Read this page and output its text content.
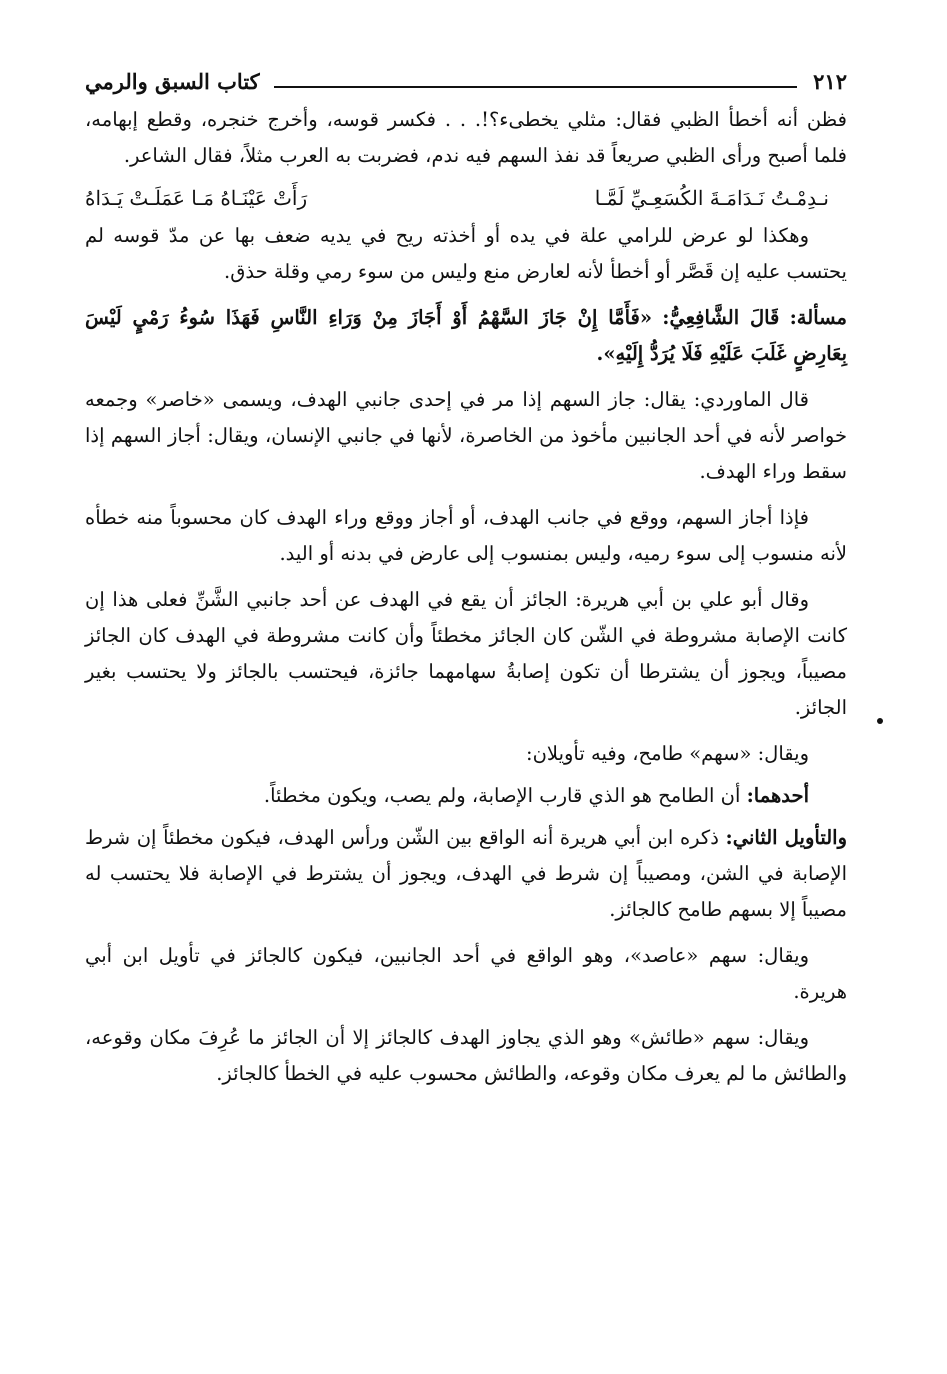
٢١٢
كتاب السبق والرمي

فظن أنه أخطأ الظبي فقال: مثلي يخطىء؟!. . . فكسر قوسه، وأخرج خنجره، وقطع إبهامه، فلما أصبح ورأى الظبي صريعاً قد نفذ السهم فيه ندم، فضربت به العرب مثلاً، فقال الشاعر.

نـدِمْـتُ نَـدَامَـةَ الكُسَعِـيِّ لَمَّـا
رَأَتْ عَيْنَـاهُ مَـا عَمَلَـتْ يَـدَاهُ

وهكذا لو عرض للرامي علة في يده أو أخذته ريح في يديه ضعف بها عن مدّ قوسه لم يحتسب عليه إن قَصَّر أو أخطأ لأنه لعارض منع وليس من سوء رمي وقلة حذق.

مسألة: قَالَ الشَّافِعِيُّ: «فَأَمَّا إِنْ جَازَ السَّهْمُ أَوْ أَجَازَ مِنْ وَرَاءِ النَّاسِ فَهَذَا سُوءُ رَمْيٍ لَيْسَ بِعَارِضٍ غَلَبَ عَلَيْهِ فَلَا يُرَدُّ إِلَيْهِ».

قال الماوردي: يقال: جاز السهم إذا مر في إحدى جانبي الهدف، ويسمى «خاصر» وجمعه خواصر لأنه في أحد الجانبين مأخوذ من الخاصرة، لأنها في جانبي الإنسان، ويقال: أجاز السهم إذا سقط وراء الهدف.

فإذا أجاز السهم، ووقع في جانب الهدف، أو أجاز ووقع وراء الهدف كان محسوباً منه خطأه لأنه منسوب إلى سوء رميه، وليس بمنسوب إلى عارض في بدنه أو اليد.

وقال أبو علي بن أبي هريرة: الجائز أن يقع في الهدف عن أحد جانبي الشَّنِّ فعلى هذا إن كانت الإصابة مشروطة في الشّن كان الجائز مخطئاً وأن كانت مشروطة في الهدف كان الجائز مصيباً، ويجوز أن يشترطا أن تكون إصابةُ سهامهما جائزة، فيحتسب بالجائز ولا يحتسب بغير الجائز.

ويقال: «سهم» طامح، وفيه تأويلان:

أحدهما: أن الطامح هو الذي قارب الإصابة، ولم يصب، ويكون مخطئاً.

والتأويل الثاني: ذكره ابن أبي هريرة أنه الواقع بين الشّن ورأس الهدف، فيكون مخطئاً إن شرط الإصابة في الشن، ومصيباً إن شرط في الهدف، ويجوز أن يشترط في الإصابة فلا يحتسب له مصيباً إلا بسهم طامح كالجائز.

ويقال: سهم «عاصد»، وهو الواقع في أحد الجانبين، فيكون كالجائز في تأويل ابن أبي هريرة.

ويقال: سهم «طائش» وهو الذي يجاوز الهدف كالجائز إلا أن الجائز ما عُرِفَ مكان وقوعه، والطائش ما لم يعرف مكان وقوعه، والطائش محسوب عليه في الخطأ كالجائز.
